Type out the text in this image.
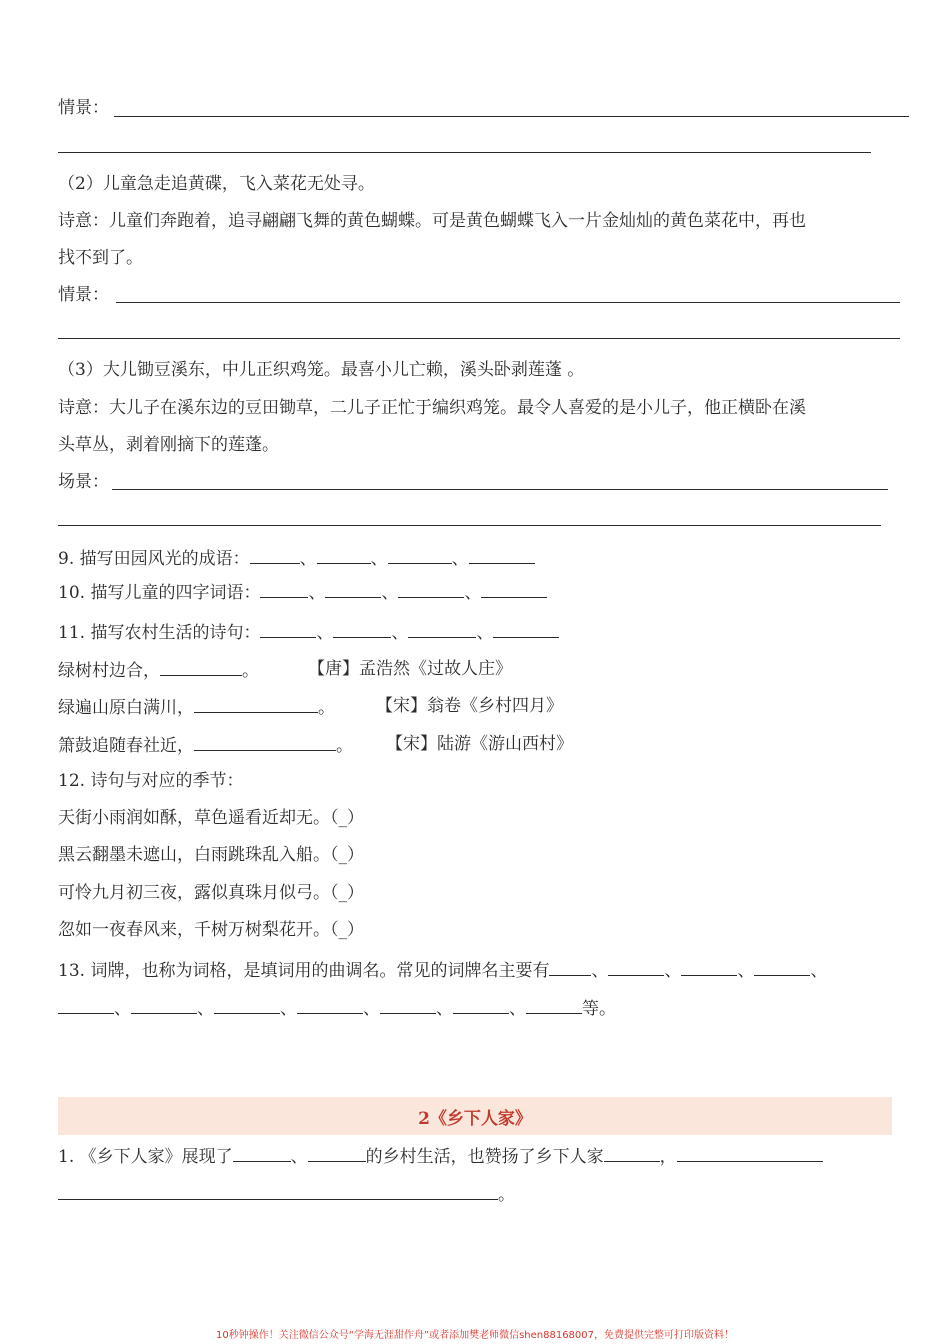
情景：
（2）儿童急走追黄碟，飞入菜花无处寻。
诗意：儿童们奔跑着，追寻翩翩飞舞的黄色蝴蝶。可是黄色蝴蝶飞入一片金灿灿的黄色菜花中，再也
找不到了。
情景：
（3）大儿锄豆溪东，中儿正织鸡笼。最喜小儿亡赖，溪头卧剥莲蓬 。
诗意：大儿子在溪东边的豆田锄草，二儿子正忙于编织鸡笼。最令人喜爱的是小儿子，他正横卧在溪
头草丛，剥着刚摘下的莲蓬。
场景：
9. 描写田园风光的成语：	、	、	、
10. 描写儿童的四字词语：	、	、	、
11. 描写农村生活的诗句：	、	、	、
绿树村边合，	。	【唐】孟浩然《过故人庄》
绿遍山原白满川，	。 【宋】翁卷《乡村四月》
箫鼓追随春社近，	。 【宋】陆游《游山西村》
12. 诗句与对应的季节：
天街小雨润如酥，草色遥看近却无。（_）
黑云翻墨未遮山，白雨跳珠乱入船。（_）
可怜九月初三夜，露似真珠月似弓。（_）
忽如一夜春风来，千树万树梨花开。（_）
13. 词牌，也称为词格，是填词用的曲调名。常见的词牌名主要有 、	、	、	、
、	、	、	、	、	、	等。
2《乡下人家》
1. 《乡下人家》展现了	、	的乡村生活，也赞扬了乡下人家	，
。
10秒钟操作！关注微信公众号“学海无涯甜作舟”或者添加樊老师微信shen88168007，免费提供完整可打印版资料！
